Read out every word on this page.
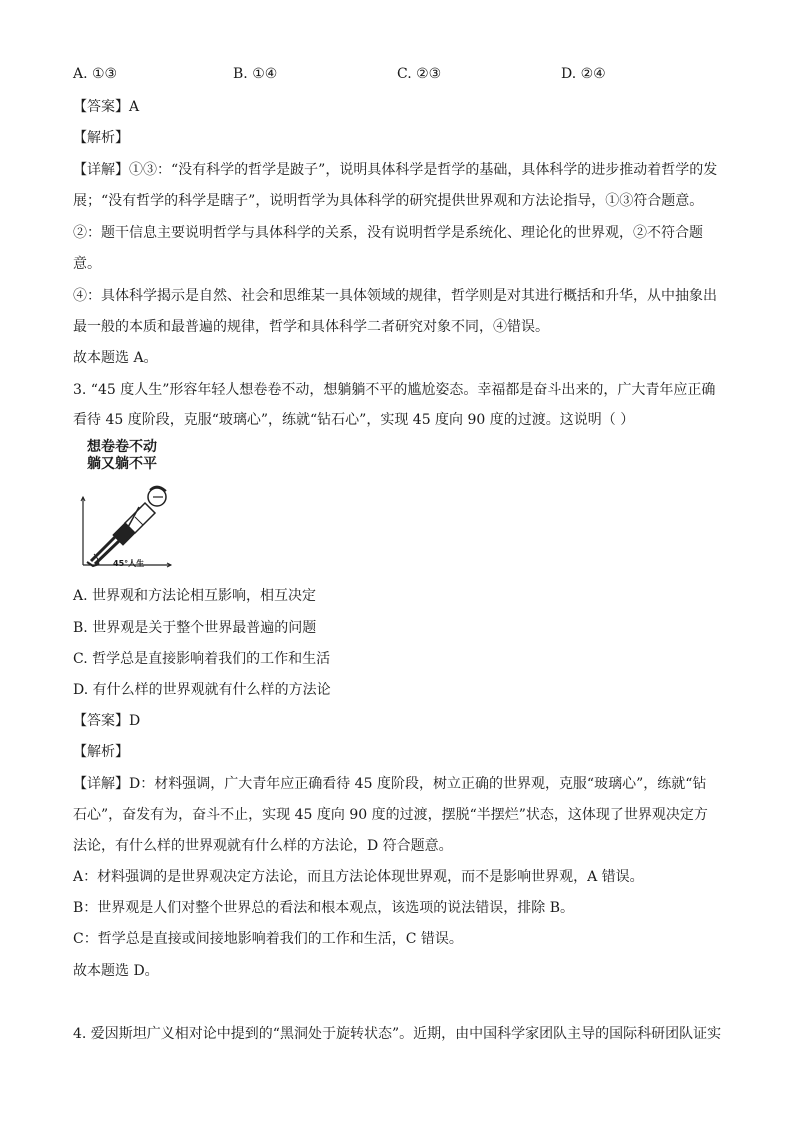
A. ①③	B. ①④	C. ②③	D. ②④
【答案】A
【解析】
【详解】①③：“没有科学的哲学是跛子”，说明具体科学是哲学的基础，具体科学的进步推动着哲学的发
展；“没有哲学的科学是瞎子”，说明哲学为具体科学的研究提供世界观和方法论指导，①③符合题意。
②：题干信息主要说明哲学与具体科学的关系，没有说明哲学是系统化、理论化的世界观，②不符合题
意。
④：具体科学揭示是自然、社会和思维某一具体领域的规律，哲学则是对其进行概括和升华，从中抽象出
最一般的本质和最普遍的规律，哲学和具体科学二者研究对象不同，④错误。
故本题选 A。
3. “45 度人生”形容年轻人想卷卷不动，想躺躺不平的尴尬姿态。幸福都是奋斗出来的，广大青年应正确
看待 45 度阶段，克服“玻璃心”，练就“钻石心”，实现 45 度向 90 度的过渡。这说明（ ）
想卷卷不动
躺又躺不平
45°人生
A. 世界观和方法论相互影响，相互决定
B. 世界观是关于整个世界最普遍的问题
C. 哲学总是直接影响着我们的工作和生活
D. 有什么样的世界观就有什么样的方法论
【答案】D
【解析】
【详解】D：材料强调，广大青年应正确看待 45 度阶段，树立正确的世界观，克服“玻璃心”，练就“钻
石心”，奋发有为，奋斗不止，实现 45 度向 90 度的过渡，摆脱“半摆烂”状态，这体现了世界观决定方
法论，有什么样的世界观就有什么样的方法论，D 符合题意。
A：材料强调的是世界观决定方法论，而且方法论体现世界观，而不是影响世界观，A 错误。
B：世界观是人们对整个世界总的看法和根本观点，该选项的说法错误，排除 B。
C：哲学总是直接或间接地影响着我们的工作和生活，C 错误。
故本题选 D。
4. 爱因斯坦广义相对论中提到的“黑洞处于旋转状态”。近期，由中国科学家团队主导的国际科研团队证实
